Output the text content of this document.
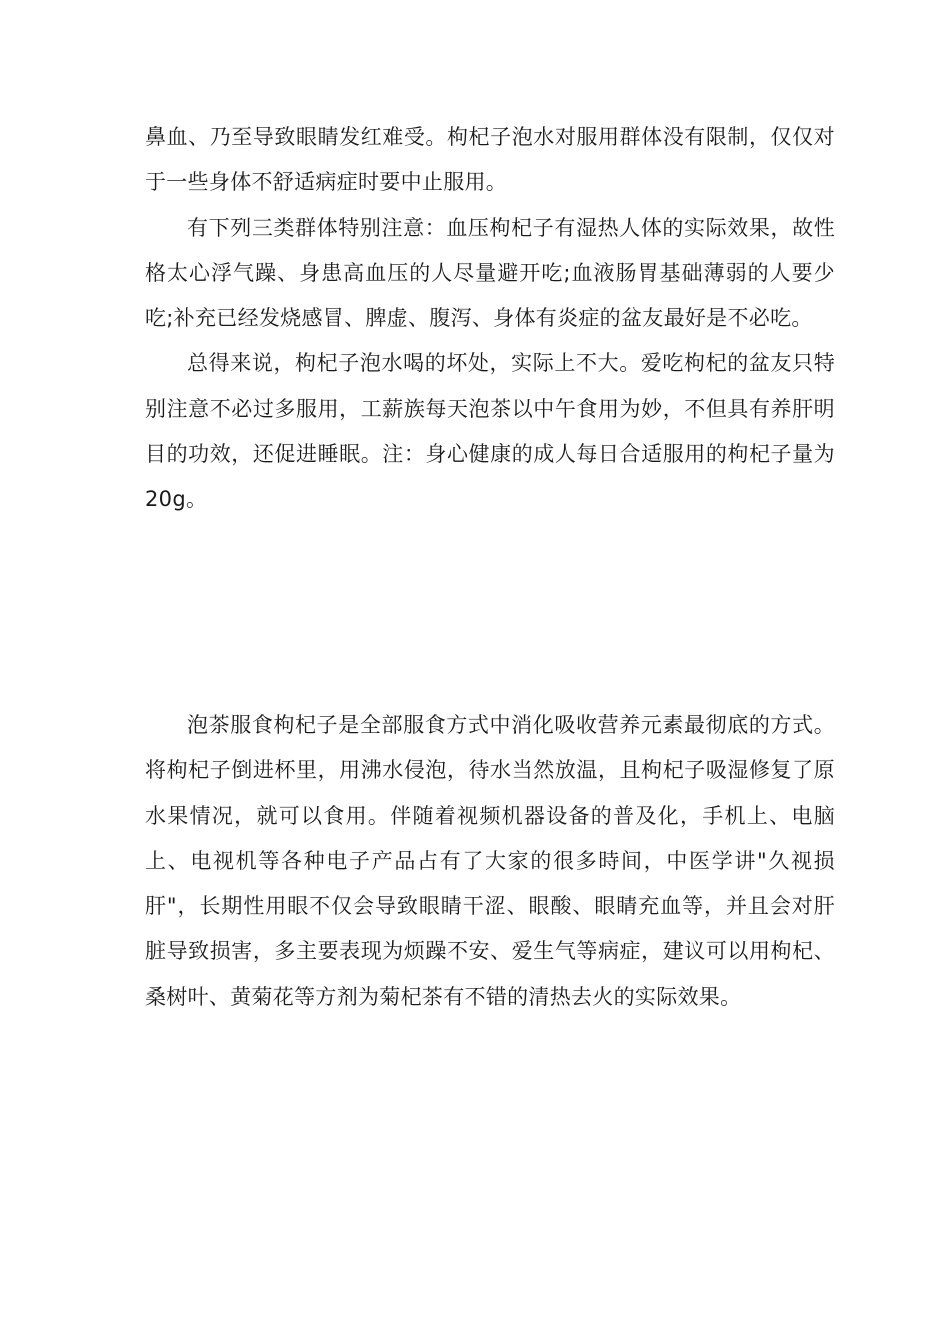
鼻血、乃至导致眼睛发红难受。枸杞子泡水对服用群体没有限制，仅仅对于一些身体不舒适病症时要中止服用。

有下列三类群体特别注意：血压枸杞子有湿热人体的实际效果，故性格太心浮气躁、身患高血压的人尽量避开吃;血液肠胃基础薄弱的人要少吃;补充已经发烧感冒、脾虚、腹泻、身体有炎症的盆友最好是不必吃。

总得来说，枸杞子泡水喝的坏处，实际上不大。爱吃枸杞的盆友只特别注意不必过多服用，工薪族每天泡茶以中午食用为妙，不但具有养肝明目的功效，还促进睡眠。注：身心健康的成人每日合适服用的枸杞子量为20g。

泡茶服食枸杞子是全部服食方式中消化吸收营养元素最彻底的方式。将枸杞子倒进杯里，用沸水侵泡，待水当然放温，且枸杞子吸湿修复了原水果情况，就可以食用。伴随着视频机器设备的普及化，手机上、电脑上、电视机等各种电子产品占有了大家的很多時间，中医学讲"久视损肝"，长期性用眼不仅会导致眼睛干涩、眼酸、眼睛充血等，并且会对肝脏导致损害，多主要表现为烦躁不安、爱生气等病症，建议可以用枸杞、桑树叶、黄菊花等方剂为菊杞茶有不错的清热去火的实际效果。
